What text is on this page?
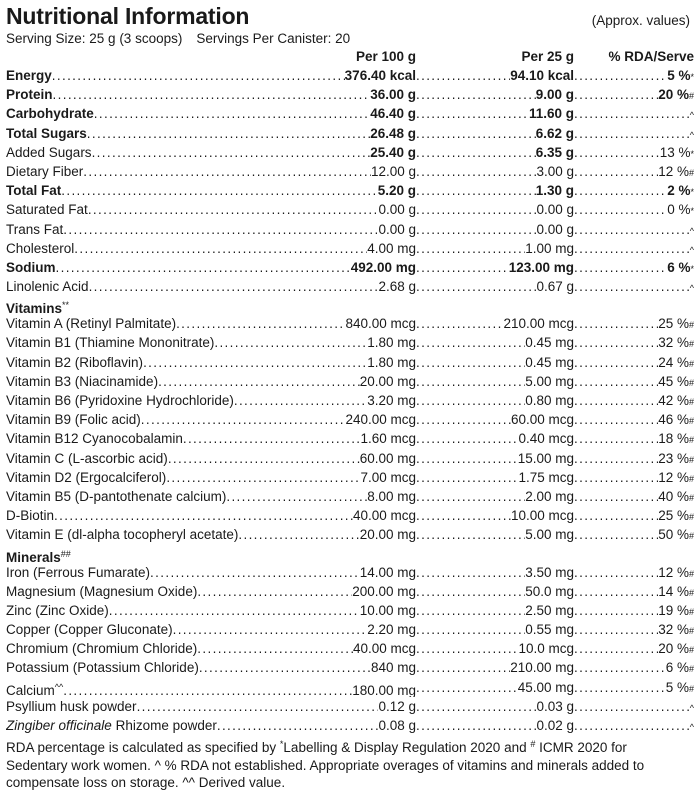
Nutritional Information	(Approx. values)
Serving Size: 25 g (3 scoops) Servings Per Canister: 20
Per 100 g	Per 25 g	% RDA/Serve
Energy . . .	376.40 kcal . . .	94.10 kcal . . .	5 % *
Protein . . .	36.00 g . . .	9.00 g . . .	20 % #
Carbohydrate . . .	46.40 g . . .	11.60 g . . .	^
Total Sugars . . .	26.48 g . . .	6.62 g . . .	^
Added Sugars . . .	25.40 g . . .	6.35 g . . .	13 % *
Dietary Fiber . . .	12.00 g . . .	3.00 g . . .	12 % #
Total Fat . . .	5.20 g . . .	1.30 g . . .	2 % *
Saturated Fat . . .	0.00 g . . .	0.00 g . . .	0 % *
Trans Fat . . .	0.00 g . . .	0.00 g . . .	^
Cholesterol . . .	4.00 mg . . .	1.00 mg . . .	^
Sodium . . .	492.00 mg . . .	123.00 mg . . .	6 % *
Linolenic Acid . . .	2.68 g . . .	0.67 g . . .	^
Vitamins**
Vitamin A (Retinyl Palmitate) . . .	840.00 mcg . . .	210.00 mcg . . .	25 % #
Vitamin B1 (Thiamine Mononitrate) . . .	1.80 mg . . .	0.45 mg . . .	32 % #
Vitamin B2 (Riboflavin) . . .	1.80 mg . . .	0.45 mg . . .	24 % #
Vitamin B3 (Niacinamide) . . .	20.00 mg . . .	5.00 mg . . .	45 % #
Vitamin B6 (Pyridoxine Hydrochloride) . . .	3.20 mg . . .	0.80 mg . . .	42 % #
Vitamin B9 (Folic acid) . . .	240.00 mcg . . .	60.00 mcg . . .	46 % #
Vitamin B12 Cyanocobalamin . . .	1.60 mcg . . .	0.40 mcg . . .	18 % #
Vitamin C (L-ascorbic acid) . . .	60.00 mg . . .	15.00 mg . . .	23 % #
Vitamin D2 (Ergocalciferol) . . .	7.00 mcg . . .	1.75 mcg . . .	12 % #
Vitamin B5 (D-pantothenate calcium) . . .	8.00 mg . . .	2.00 mg . . .	40 % #
D-Biotin . . .	40.00 mcg . . .	10.00 mcg . . .	25 % #
Vitamin E (dl-alpha tocopheryl acetate) . . .	20.00 mg . . .	5.00 mg . . .	50 % #
Minerals##
Iron (Ferrous Fumarate) . . .	14.00 mg . . .	3.50 mg . . .	12 % #
Magnesium (Magnesium Oxide) . . .	200.00 mg . . .	50.0 mg . . .	14 % #
Zinc (Zinc Oxide) . . .	10.00 mg . . .	2.50 mg . . .	19 % #
Copper (Copper Gluconate) . . .	2.20 mg . . .	0.55 mg . . .	32 % #
Chromium (Chromium Chloride) . . .	40.00 mcg . . .	10.0 mcg . . .	20 % #
Potassium (Potassium Chloride) . . .	840 mg . . .	210.00 mg . . .	6 % #
Calcium^^ . . .	180.00 mg . . .	45.00 mg . . .	5 % #
Psyllium husk powder . . .	0.12 g . . .	0.03 g . . .	^
Zingiber officinale Rhizome powder . . .	0.08 g . . .	0.02 g . . .	^
RDA percentage is calculated as specified by *Labelling & Display Regulation 2020 and # ICMR 2020 for
Sedentary work women. ^ % RDA not established. Appropriate overages of vitamins and minerals added to
compensate loss on storage. ^^ Derived value.
